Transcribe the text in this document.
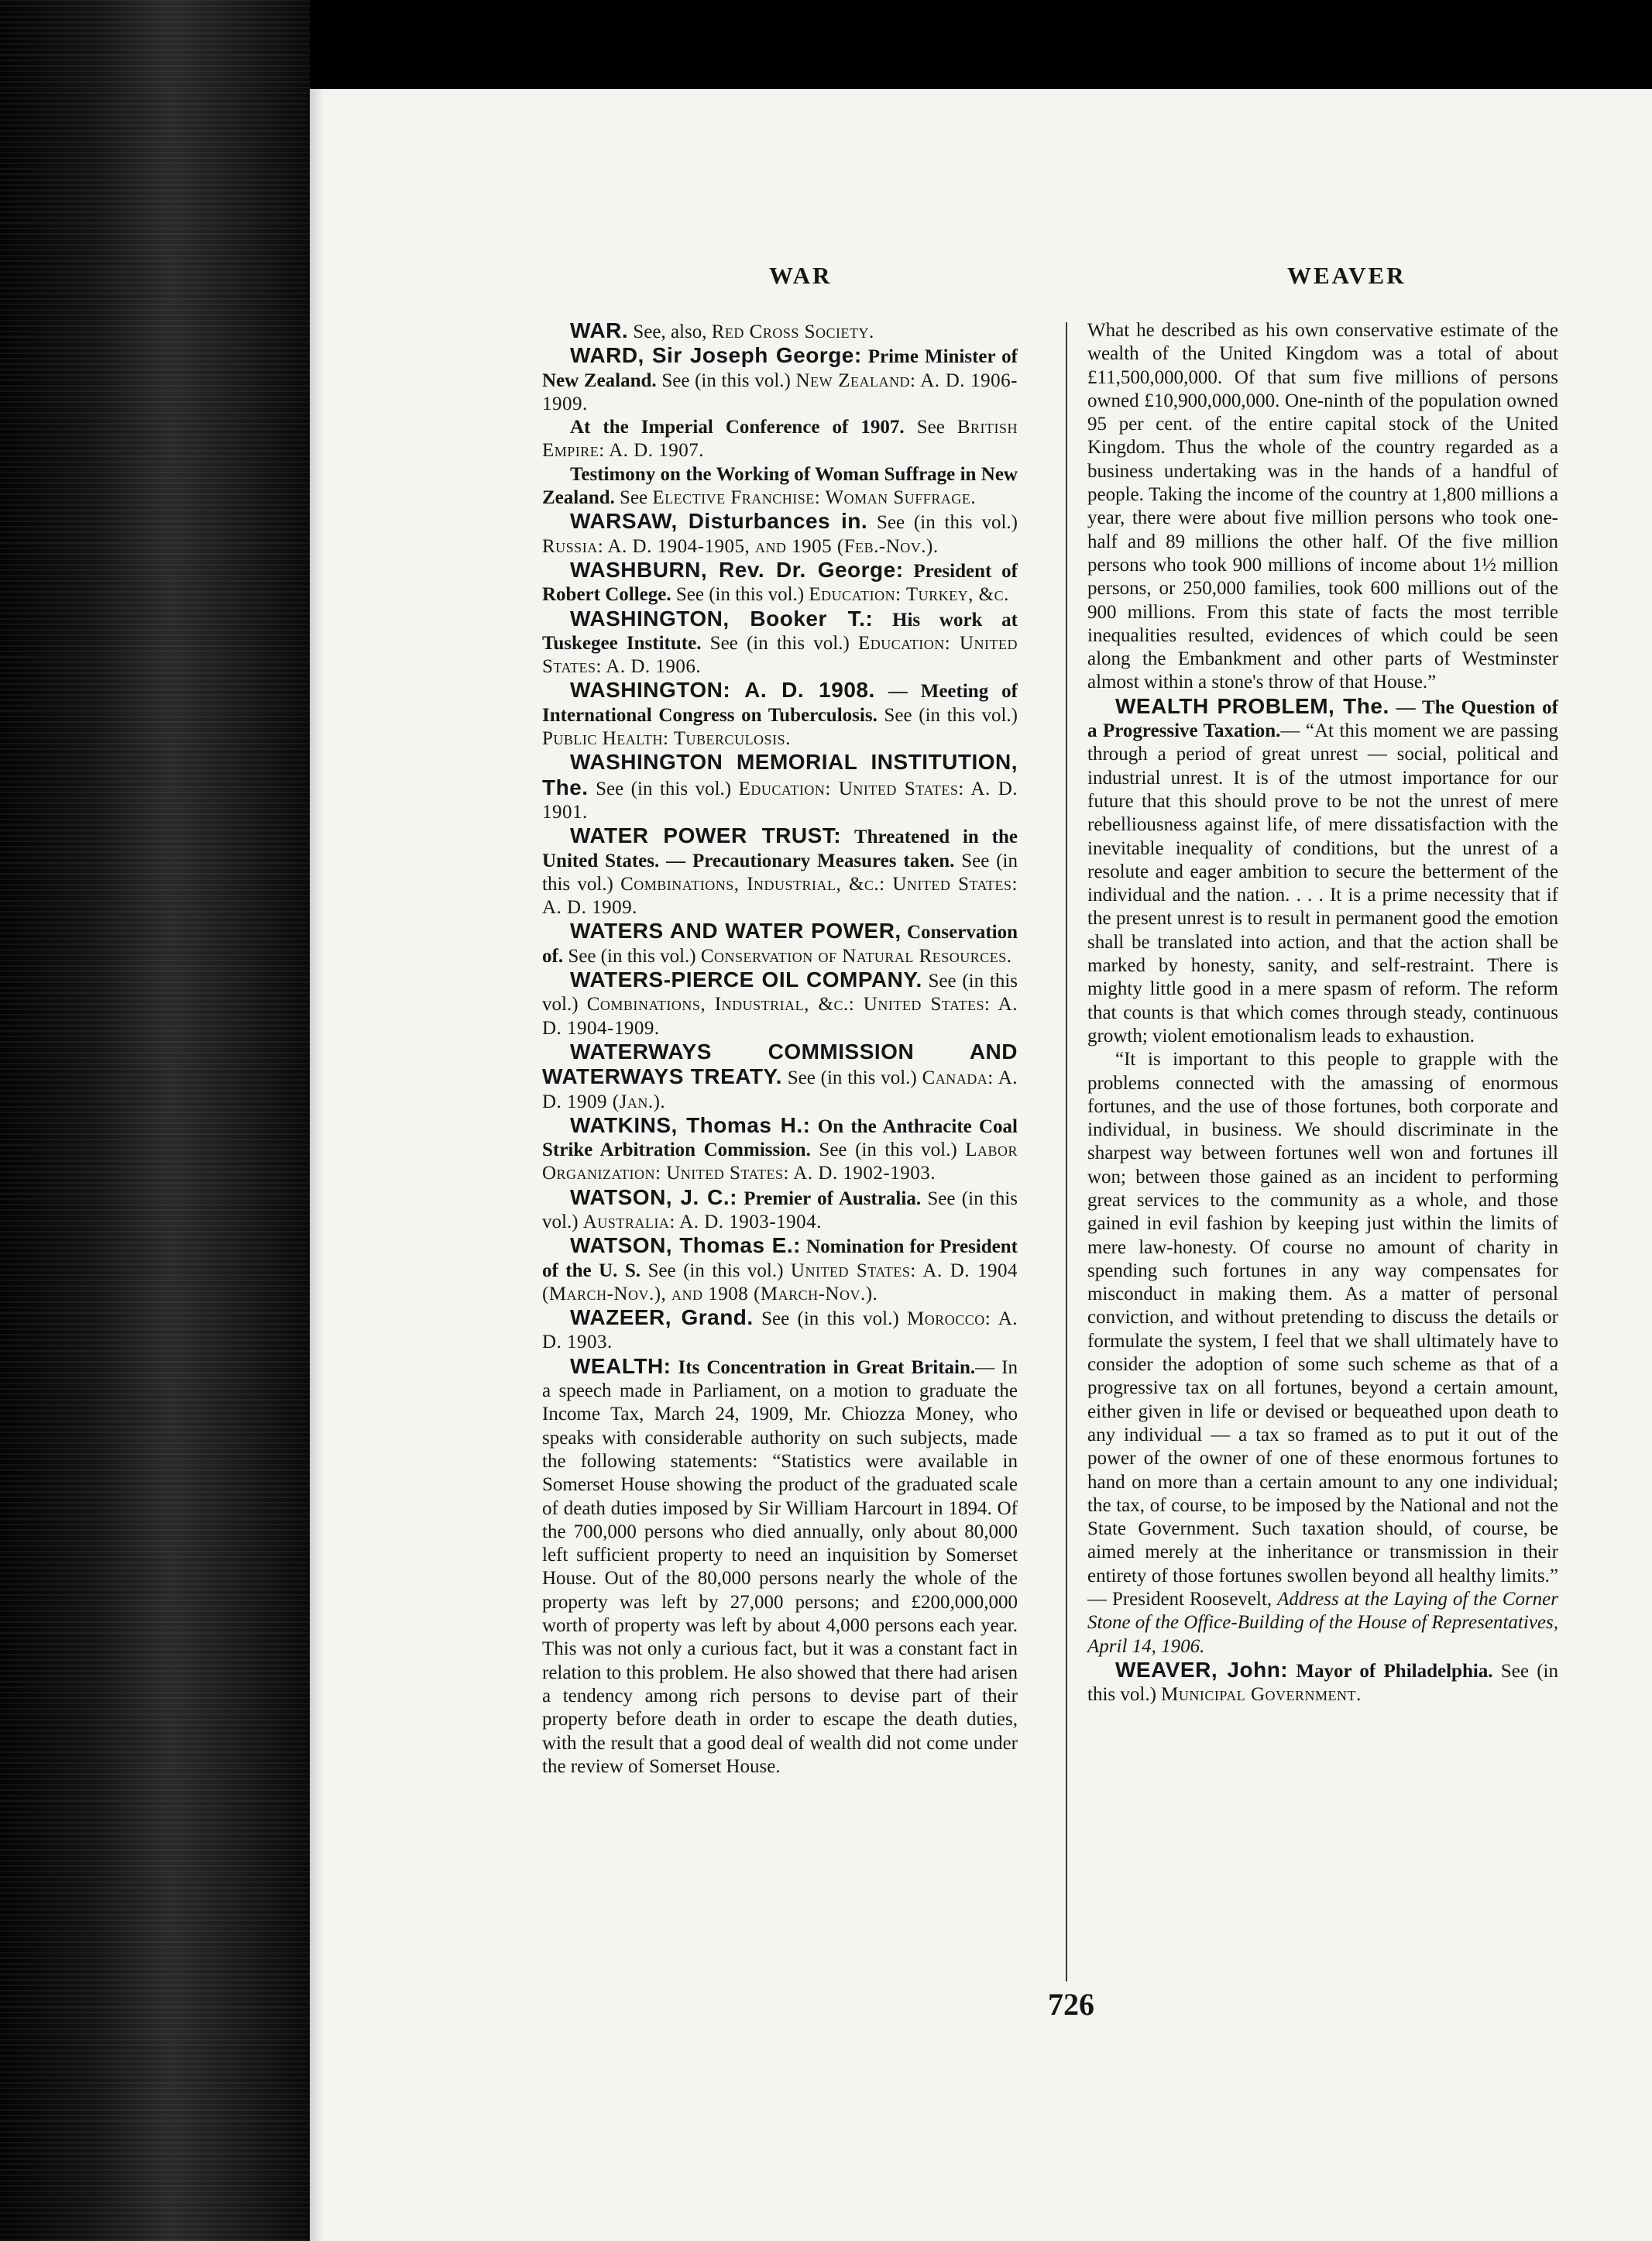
WAR	WEAVER

WAR. See, also, Red Cross Society.

WARD, Sir Joseph George: Prime Minister of New Zealand. See (in this vol.) New Zealand: A. D. 1906-1909.

At the Imperial Conference of 1907. See British Empire: A. D. 1907.

Testimony on the Working of Woman Suffrage in New Zealand. See Elective Franchise: Woman Suffrage.

WARSAW, Disturbances in. See (in this vol.) Russia: A. D. 1904-1905, and 1905 (Feb.-Nov.).

WASHBURN, Rev. Dr. George: President of Robert College. See (in this vol.) Education: Turkey, &c.

WASHINGTON, Booker T.: His work at Tuskegee Institute. See (in this vol.) Education: United States: A. D. 1906.

WASHINGTON: A. D. 1908. — Meeting of International Congress on Tuberculosis. See (in this vol.) Public Health: Tuberculosis.

WASHINGTON MEMORIAL INSTITUTION, The. See (in this vol.) Education: United States: A. D. 1901.

WATER POWER TRUST: Threatened in the United States. — Precautionary Measures taken. See (in this vol.) Combinations, Industrial, &c.: United States: A. D. 1909.

WATERS AND WATER POWER, Conservation of. See (in this vol.) Conservation of Natural Resources.

WATERS-PIERCE OIL COMPANY. See (in this vol.) Combinations, Industrial, &c.: United States: A. D. 1904-1909.

WATERWAYS COMMISSION AND WATERWAYS TREATY. See (in this vol.) Canada: A. D. 1909 (Jan.).

WATKINS, Thomas H.: On the Anthracite Coal Strike Arbitration Commission. See (in this vol.) Labor Organization: United States: A. D. 1902-1903.

WATSON, J. C.: Premier of Australia. See (in this vol.) Australia: A. D. 1903-1904.

WATSON, Thomas E.: Nomination for President of the U. S. See (in this vol.) United States: A. D. 1904 (March-Nov.), and 1908 (March-Nov.).

WAZEER, Grand. See (in this vol.) Morocco: A. D. 1903.

WEALTH: Its Concentration in Great Britain.— In a speech made in Parliament, on a motion to graduate the Income Tax, March 24, 1909, Mr. Chiozza Money, who speaks with considerable authority on such subjects, made the following statements: “Statistics were available in Somerset House showing the product of the graduated scale of death duties imposed by Sir William Harcourt in 1894. Of the 700,000 persons who died annually, only about 80,000 left sufficient property to need an inquisition by Somerset House. Out of the 80,000 persons nearly the whole of the property was left by 27,000 persons; and £200,000,000 worth of property was left by about 4,000 persons each year. This was not only a curious fact, but it was a constant fact in relation to this problem. He also showed that there had arisen a tendency among rich persons to devise part of their property before death in order to escape the death duties, with the result that a good deal of wealth did not come under the review of Somerset House.

What he described as his own conservative estimate of the wealth of the United Kingdom was a total of about £11,500,000,000. Of that sum five millions of persons owned £10,900,000,000. One-ninth of the population owned 95 per cent. of the entire capital stock of the United Kingdom. Thus the whole of the country regarded as a business undertaking was in the hands of a handful of people. Taking the income of the country at 1,800 millions a year, there were about five million persons who took one-half and 89 millions the other half. Of the five million persons who took 900 millions of income about 1½ million persons, or 250,000 families, took 600 millions out of the 900 millions. From this state of facts the most terrible inequalities resulted, evidences of which could be seen along the Embankment and other parts of Westminster almost within a stone's throw of that House.”

WEALTH PROBLEM, The. — The Question of a Progressive Taxation.— “At this moment we are passing through a period of great unrest — social, political and industrial unrest. It is of the utmost importance for our future that this should prove to be not the unrest of mere rebelliousness against life, of mere dissatisfaction with the inevitable inequality of conditions, but the unrest of a resolute and eager ambition to secure the betterment of the individual and the nation. . . . It is a prime necessity that if the present unrest is to result in permanent good the emotion shall be translated into action, and that the action shall be marked by honesty, sanity, and self-restraint. There is mighty little good in a mere spasm of reform. The reform that counts is that which comes through steady, continuous growth; violent emotionalism leads to exhaustion.

“It is important to this people to grapple with the problems connected with the amassing of enormous fortunes, and the use of those fortunes, both corporate and individual, in business. We should discriminate in the sharpest way between fortunes well won and fortunes ill won; between those gained as an incident to performing great services to the community as a whole, and those gained in evil fashion by keeping just within the limits of mere law-honesty. Of course no amount of charity in spending such fortunes in any way compensates for misconduct in making them. As a matter of personal conviction, and without pretending to discuss the details or formulate the system, I feel that we shall ultimately have to consider the adoption of some such scheme as that of a progressive tax on all fortunes, beyond a certain amount, either given in life or devised or bequeathed upon death to any individual — a tax so framed as to put it out of the power of the owner of one of these enormous fortunes to hand on more than a certain amount to any one individual; the tax, of course, to be imposed by the National and not the State Government. Such taxation should, of course, be aimed merely at the inheritance or transmission in their entirety of those fortunes swollen beyond all healthy limits.” — President Roosevelt, Address at the Laying of the Corner Stone of the Office-Building of the House of Representatives, April 14, 1906.

WEAVER, John: Mayor of Philadelphia. See (in this vol.) Municipal Government.

726
